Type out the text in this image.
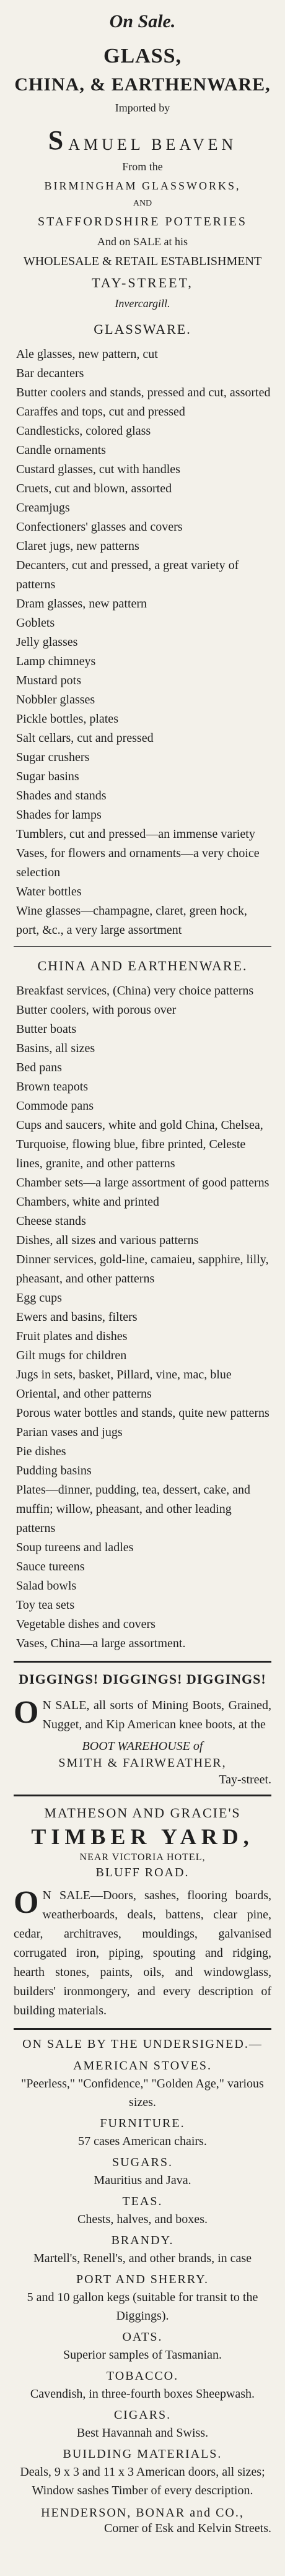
On Sale.
GLASS,
CHINA, & EARTHENWARE,
Imported by
S AMUEL BEAVEN
From the
BIRMINGHAM GLASSWORKS,
AND
STAFFORDSHIRE POTTERIES
And on SALE at his
WHOLESALE & RETAIL ESTABLISHMENT
TAY-STREET,
Invercargill.
GLASSWARE.
Ale glasses, new pattern, cut
Bar decanters
Butter coolers and stands, pressed and cut, assorted
Caraffes and tops, cut and pressed
Candlesticks, colored glass
Candle ornaments
Custard glasses, cut with handles
Cruets, cut and blown, assorted
Creamjugs
Confectioners' glasses and covers
Claret jugs, new patterns
Decanters, cut and pressed, a great variety of patterns
Dram glasses, new pattern
Goblets
Jelly glasses
Lamp chimneys
Mustard pots
Nobbler glasses
Pickle bottles, plates
Salt cellars, cut and pressed
Sugar crushers
Sugar basins
Shades and stands
Shades for lamps
Tumblers, cut and pressed—an immense variety
Vases, for flowers and ornaments—a very choice selection
Water bottles
Wine glasses—champagne, claret, green hock, port, &c., a very large assortment
CHINA AND EARTHENWARE.
Breakfast services, (China) very choice patterns
Butter coolers, with porous over
Butter boats
Basins, all sizes
Bed pans
Brown teapots
Commode pans
Cups and saucers, white and gold China, Chelsea, Turquoise, flowing blue, fibre printed, Celeste lines, granite, and other patterns
Chamber sets—a large assortment of good patterns
Chambers, white and printed
Cheese stands
Dishes, all sizes and various patterns
Dinner services, gold-line, camaieu, sapphire, lilly, pheasant, and other patterns
Egg cups
Ewers and basins, filters
Fruit plates and dishes
Gilt mugs for children
Jugs in sets, basket, Pillard, vine, mac, blue Oriental, and other patterns
Porous water bottles and stands, quite new patterns
Parian vases and jugs
Pie dishes
Pudding basins
Plates—dinner, pudding, tea, dessert, cake, and muffin; willow, pheasant, and other leading patterns
Soup tureens and ladles
Sauce tureens
Salad bowls
Toy tea sets
Vegetable dishes and covers
Vases, China—a large assortment.
DIGGINGS! DIGGINGS! DIGGINGS!

O N SALE, all sorts of Mining Boots, Grained, Nugget, and Kip American knee boots, at the

BOOT WAREHOUSE of
SMITH & FAIRWEATHER,
Tay-street.
MATHESON AND GRACIE'S
TIMBER YARD,
NEAR VICTORIA HOTEL,
BLUFF ROAD.

O N SALE—Doors, sashes, flooring boards, weatherboards, deals, battens, clear pine, cedar, architraves, mouldings, galvanised corrugated iron, piping, spouting and ridging, hearth stones, paints, oils, and windowglass, builders' ironmongery, and every description of building materials.

ON SALE BY THE UNDERSIGNED.—
AMERICAN STOVES.
"Peerless," "Confidence," "Golden Age," various sizes.
FURNITURE.
57 cases American chairs.
SUGARS.
Mauritius and Java.
TEAS.
Chests, halves, and boxes.
BRANDY.
Martell's, Renell's, and other brands, in case
PORT AND SHERRY.
5 and 10 gallon kegs (suitable for transit to the Diggings).
OATS.
Superior samples of Tasmanian.
TOBACCO.
Cavendish, in three-fourth boxes Sheepwash.
CIGARS.
Best Havannah and Swiss.
BUILDING MATERIALS.
Deals, 9 x 3 and 11 x 3 American doors, all sizes; Window sashes Timber of every description.
HENDERSON, BONAR and CO.,
Corner of Esk and Kelvin Streets.
